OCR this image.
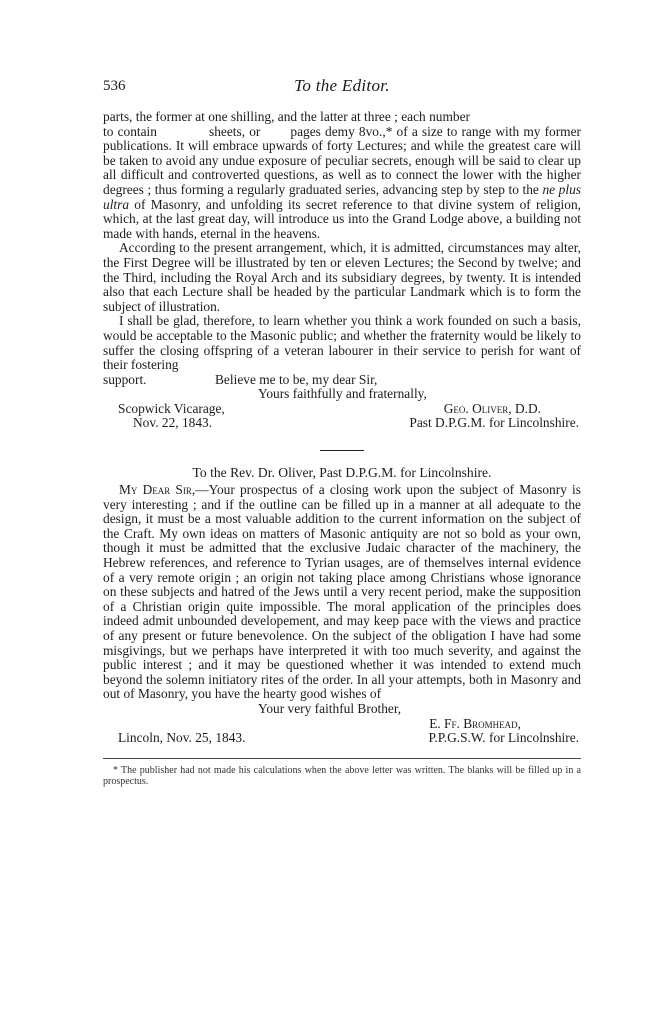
536	To the Editor.

parts, the former at one shilling, and the latter at three ; each number
to contain	sheets, or pages demy 8vo.,* of a size to range with my former publications. It will embrace upwards of forty Lectures; and while the greatest care will be taken to avoid any undue exposure of peculiar secrets, enough will be said to clear up all difficult and controverted questions, as well as to connect the lower with the higher degrees ; thus forming a regularly graduated series, advancing step by step to the ne plus ultra of Masonry, and unfolding its secret reference to that divine system of religion, which, at the last great day, will introduce us into the Grand Lodge above, a building not made with hands, eternal in the heavens.

According to the present arrangement, which, it is admitted, circumstances may alter, the First Degree will be illustrated by ten or eleven Lectures; the Second by twelve; and the Third, including the Royal Arch and its subsidiary degrees, by twenty. It is intended also that each Lecture shall be headed by the particular Landmark which is to form the subject of illustration.

I shall be glad, therefore, to learn whether you think a work founded on such a basis, would be acceptable to the Masonic public; and whether the fraternity would be likely to suffer the closing offspring of a veteran labourer in their service to perish for want of their fostering

support.	Believe me to be, my dear Sir,
Yours faithfully and fraternally,
Scopwick Vicarage,	Geo. Oliver, D.D.
Nov. 22, 1843.	Past D.P.G.M. for Lincolnshire.
To the Rev. Dr. Oliver, Past D.P.G.M. for Lincolnshire.

My Dear Sir,—Your prospectus of a closing work upon the subject of Masonry is very interesting ; and if the outline can be filled up in a manner at all adequate to the design, it must be a most valuable addition to the current information on the subject of the Craft. My own ideas on matters of Masonic antiquity are not so bold as your own, though it must be admitted that the exclusive Judaic character of the machinery, the Hebrew references, and reference to Tyrian usages, are of themselves internal evidence of a very remote origin ; an origin not taking place among Christians whose ignorance on these subjects and hatred of the Jews until a very recent period, make the supposition of a Christian origin quite impossible. The moral application of the principles does indeed admit unbounded developement, and may keep pace with the views and practice of any present or future benevolence. On the subject of the obligation I have had some misgivings, but we perhaps have interpreted it with too much severity, and against the public interest ; and it may be questioned whether it was intended to extend much beyond the solemn initiatory rites of the order. In all your attempts, both in Masonry and out of Masonry, you have the hearty good wishes of

Your very faithful Brother,
E. Ff. Bromhead,
Lincoln, Nov. 25, 1843.	P.P.G.S.W. for Lincolnshire.

* The publisher had not made his calculations when the above letter was written. The blanks will be filled up in a prospectus.
